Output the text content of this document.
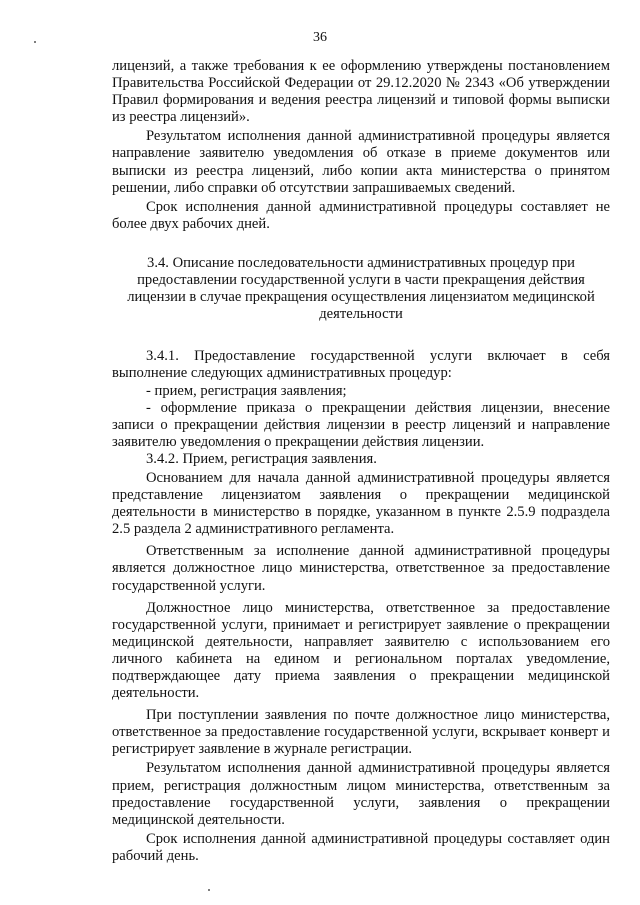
36

лицензий, а также требования к ее оформлению утверждены постановлением Правительства Российской Федерации от 29.12.2020 № 2343 «Об утверждении Правил формирования и ведения реестра лицензий и типовой формы выписки из реестра лицензий».

Результатом исполнения данной административной процедуры является направление заявителю уведомления об отказе в приеме документов или выписки из реестра лицензий, либо копии акта министерства о принятом решении, либо справки об отсутствии запрашиваемых сведений.

Срок исполнения данной административной процедуры составляет не более двух рабочих дней.

3.4. Описание последовательности административных процедур при предоставлении государственной услуги в части прекращения действия лицензии в случае прекращения осуществления лицензиатом медицинской деятельности

3.4.1. Предоставление государственной услуги включает в себя выполнение следующих административных процедур:

- прием, регистрация заявления;

- оформление приказа о прекращении действия лицензии, внесение записи о прекращении действия лицензии в реестр лицензий и направление заявителю уведомления о прекращении действия лицензии.

3.4.2. Прием, регистрация заявления.

Основанием для начала данной административной процедуры является представление лицензиатом заявления о прекращении медицинской деятельности в министерство в порядке, указанном в пункте 2.5.9 подраздела 2.5 раздела 2 административного регламента.

Ответственным за исполнение данной административной процедуры является должностное лицо министерства, ответственное за предоставление государственной услуги.

Должностное лицо министерства, ответственное за предоставление государственной услуги, принимает и регистрирует заявление о прекращении медицинской деятельности, направляет заявителю с использованием его личного кабинета на едином и региональном порталах уведомление, подтверждающее дату приема заявления о прекращении медицинской деятельности.

При поступлении заявления по почте должностное лицо министерства, ответственное за предоставление государственной услуги, вскрывает конверт и регистрирует заявление в журнале регистрации.

Результатом исполнения данной административной процедуры является прием, регистрация должностным лицом министерства, ответственным за предоставление государственной услуги, заявления о прекращении медицинской деятельности.

Срок исполнения данной административной процедуры составляет один рабочий день.
